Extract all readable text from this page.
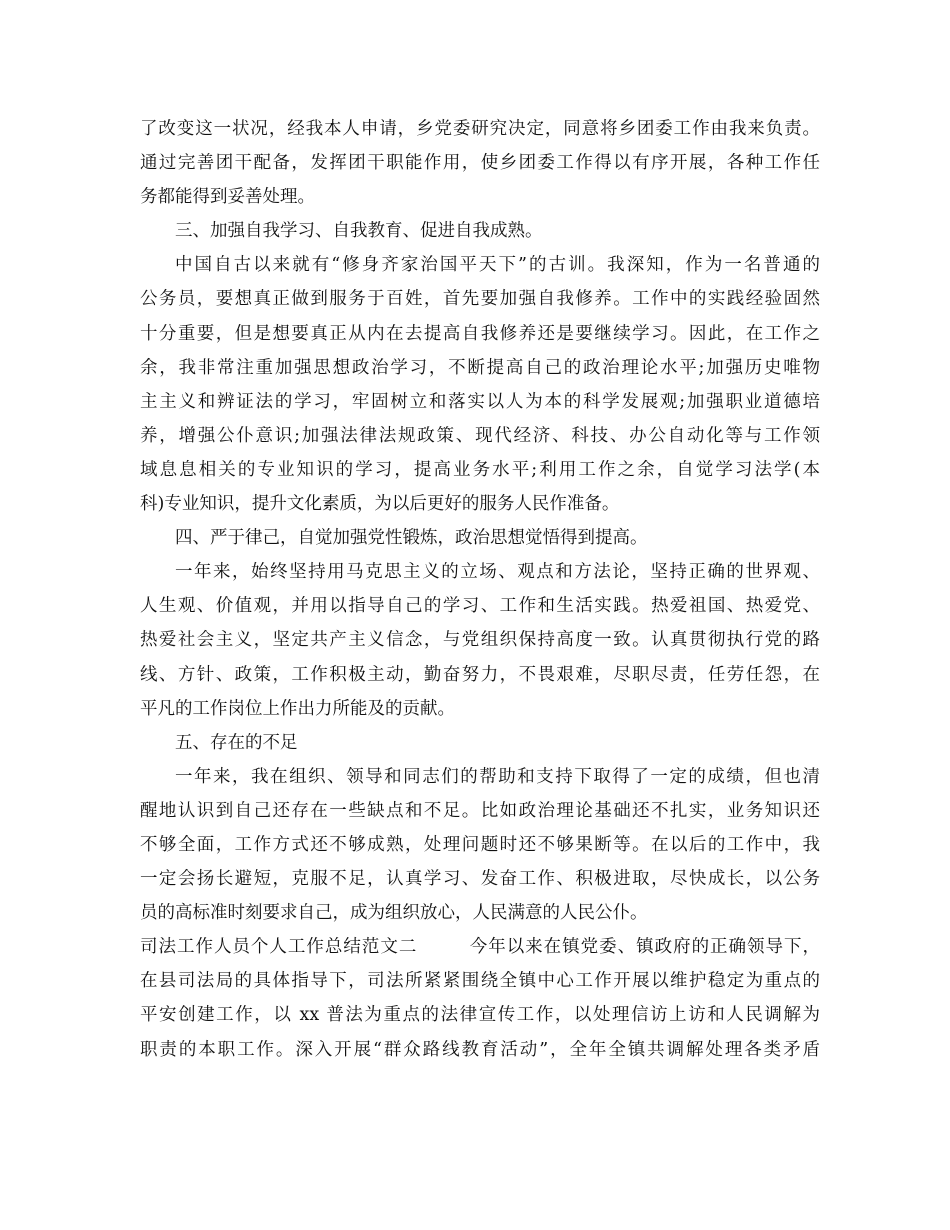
了改变这一状况，经我本人申请，乡党委研究决定，同意将乡团委工作由我来负责。
通过完善团干配备，发挥团干职能作用，使乡团委工作得以有序开展，各种工作任
务都能得到妥善处理。
三、加强自我学习、自我教育、促进自我成熟。
中国自古以来就有“修身齐家治国平天下”的古训。我深知，作为一名普通的
公务员，要想真正做到服务于百姓，首先要加强自我修养。工作中的实践经验固然
十分重要，但是想要真正从内在去提高自我修养还是要继续学习。因此，在工作之
余，我非常注重加强思想政治学习，不断提高自己的政治理论水平;加强历史唯物
主主义和辨证法的学习，牢固树立和落实以人为本的科学发展观;加强职业道德培
养，增强公仆意识;加强法律法规政策、现代经济、科技、办公自动化等与工作领
域息息相关的专业知识的学习，提高业务水平;利用工作之余，自觉学习法学(本
科)专业知识，提升文化素质，为以后更好的服务人民作准备。
四、严于律己，自觉加强党性锻炼，政治思想觉悟得到提高。
一年来，始终坚持用马克思主义的立场、观点和方法论，坚持正确的世界观、
人生观、价值观，并用以指导自己的学习、工作和生活实践。热爱祖国、热爱党、
热爱社会主义，坚定共产主义信念，与党组织保持高度一致。认真贯彻执行党的路
线、方针、政策，工作积极主动，勤奋努力，不畏艰难，尽职尽责，任劳任怨，在
平凡的工作岗位上作出力所能及的贡献。
五、存在的不足
一年来，我在组织、领导和同志们的帮助和支持下取得了一定的成绩，但也清
醒地认识到自己还存在一些缺点和不足。比如政治理论基础还不扎实，业务知识还
不够全面，工作方式还不够成熟，处理问题时还不够果断等。在以后的工作中，我
一定会扬长避短，克服不足，认真学习、发奋工作、积极进取，尽快成长，以公务
员的高标准时刻要求自己，成为组织放心，人民满意的人民公仆。
司法工作人员个人工作总结范文二        今年以来在镇党委、镇政府的正确领导下，
在县司法局的具体指导下，司法所紧紧围绕全镇中心工作开展以维护稳定为重点的
平安创建工作，以 xx 普法为重点的法律宣传工作，以处理信访上访和人民调解为
职责的本职工作。深入开展“群众路线教育活动”，全年全镇共调解处理各类矛盾
